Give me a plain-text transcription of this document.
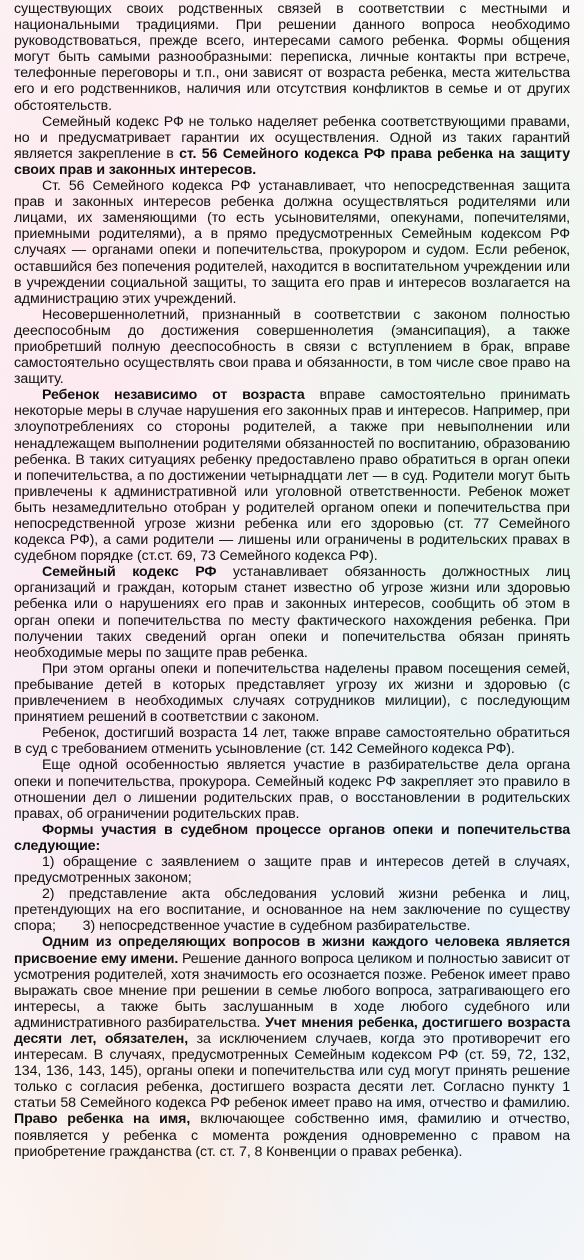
существующих своих родственных связей в соответствии с местными и национальными традициями. При решении данного вопроса необходимо руководствоваться, прежде всего, интересами самого ребенка. Формы общения могут быть самыми разнообразными: переписка, личные контакты при встрече, телефонные переговоры и т.п., они зависят от возраста ребенка, места жительства его и его родственников, наличия или отсутствия конфликтов в семье и от других обстоятельств.

Семейный кодекс РФ не только наделяет ребенка соответствующими правами, но и предусматривает гарантии их осуществления. Одной из таких гарантий является закрепление в ст. 56 Семейного кодекса РФ права ребенка на защиту своих прав и законных интересов.

Ст. 56 Семейного кодекса РФ устанавливает, что непосредственная защита прав и законных интересов ребенка должна осуществляться родителями или лицами, их заменяющими (то есть усыновителями, опекунами, попечителями, приемными родителями), а в прямо предусмотренных Семейным кодексом РФ случаях — органами опеки и попечительства, прокурором и судом. Если ребенок, оставшийся без попечения родителей, находится в воспитательном учреждении или в учреждении социальной защиты, то защита его прав и интересов возлагается на администрацию этих учреждений.

Несовершеннолетний, признанный в соответствии с законом полностью дееспособным до достижения совершеннолетия (эмансипация), а также приобретший полную дееспособность в связи с вступлением в брак, вправе самостоятельно осуществлять свои права и обязанности, в том числе свое право на защиту.

Ребенок независимо от возраста вправе самостоятельно принимать некоторые меры в случае нарушения его законных прав и интересов. Например, при злоупотреблениях со стороны родителей, а также при невыполнении или ненадлежащем выполнении родителями обязанностей по воспитанию, образованию ребенка. В таких ситуациях ребенку предоставлено право обратиться в орган опеки и попечительства, а по достижении четырнадцати лет — в суд. Родители могут быть привлечены к административной или уголовной ответственности. Ребенок может быть незамедлительно отобран у родителей органом опеки и попечительства при непосредственной угрозе жизни ребенка или его здоровью (ст. 77 Семейного кодекса РФ), а сами родители — лишены или ограничены в родительских правах в судебном порядке (ст.ст. 69, 73 Семейного кодекса РФ).

Семейный кодекс РФ устанавливает обязанность должностных лиц организаций и граждан, которым станет известно об угрозе жизни или здоровью ребенка или о нарушениях его прав и законных интересов, сообщить об этом в орган опеки и попечительства по месту фактического нахождения ребенка. При получении таких сведений орган опеки и попечительства обязан принять необходимые меры по защите прав ребенка.

При этом органы опеки и попечительства наделены правом посещения семей, пребывание детей в которых представляет угрозу их жизни и здоровью (с привлечением в необходимых случаях сотрудников милиции), с последующим принятием решений в соответствии с законом.

Ребенок, достигший возраста 14 лет, также вправе самостоятельно обратиться в суд с требованием отменить усыновление (ст. 142 Семейного кодекса РФ).

Еще одной особенностью является участие в разбирательстве дела органа опеки и попечительства, прокурора. Семейный кодекс РФ закрепляет это правило в отношении дел о лишении родительских прав, о восстановлении в родительских правах, об ограничении родительских прав.

Формы участия в судебном процессе органов опеки и попечительства следующие:

1) обращение с заявлением о защите прав и интересов детей в случаях, предусмотренных законом;

2) представление акта обследования условий жизни ребенка и лиц, претендующих на его воспитание, и основанное на нем заключение по существу спора;       3) непосредственное участие в судебном разбирательстве.

Одним из определяющих вопросов в жизни каждого человека является присвоение ему имени. Решение данного вопроса целиком и полностью зависит от усмотрения родителей, хотя значимость его осознается позже. Ребенок имеет право выражать свое мнение при решении в семье любого вопроса, затрагивающего его интересы, а также быть заслушанным в ходе любого судебного или административного разбирательства. Учет мнения ребенка, достигшего возраста десяти лет, обязателен, за исключением случаев, когда это противоречит его интересам. В случаях, предусмотренных Семейным кодексом РФ (ст. 59, 72, 132, 134, 136, 143, 145), органы опеки и попечительства или суд могут принять решение только с согласия ребенка, достигшего возраста десяти лет. Согласно пункту 1 статьи 58 Семейного кодекса РФ ребенок имеет право на имя, отчество и фамилию. Право ребенка на имя, включающее собственно имя, фамилию и отчество, появляется у ребенка с момента рождения одновременно с правом на приобретение гражданства (ст. ст. 7, 8 Конвенции о правах ребенка).
